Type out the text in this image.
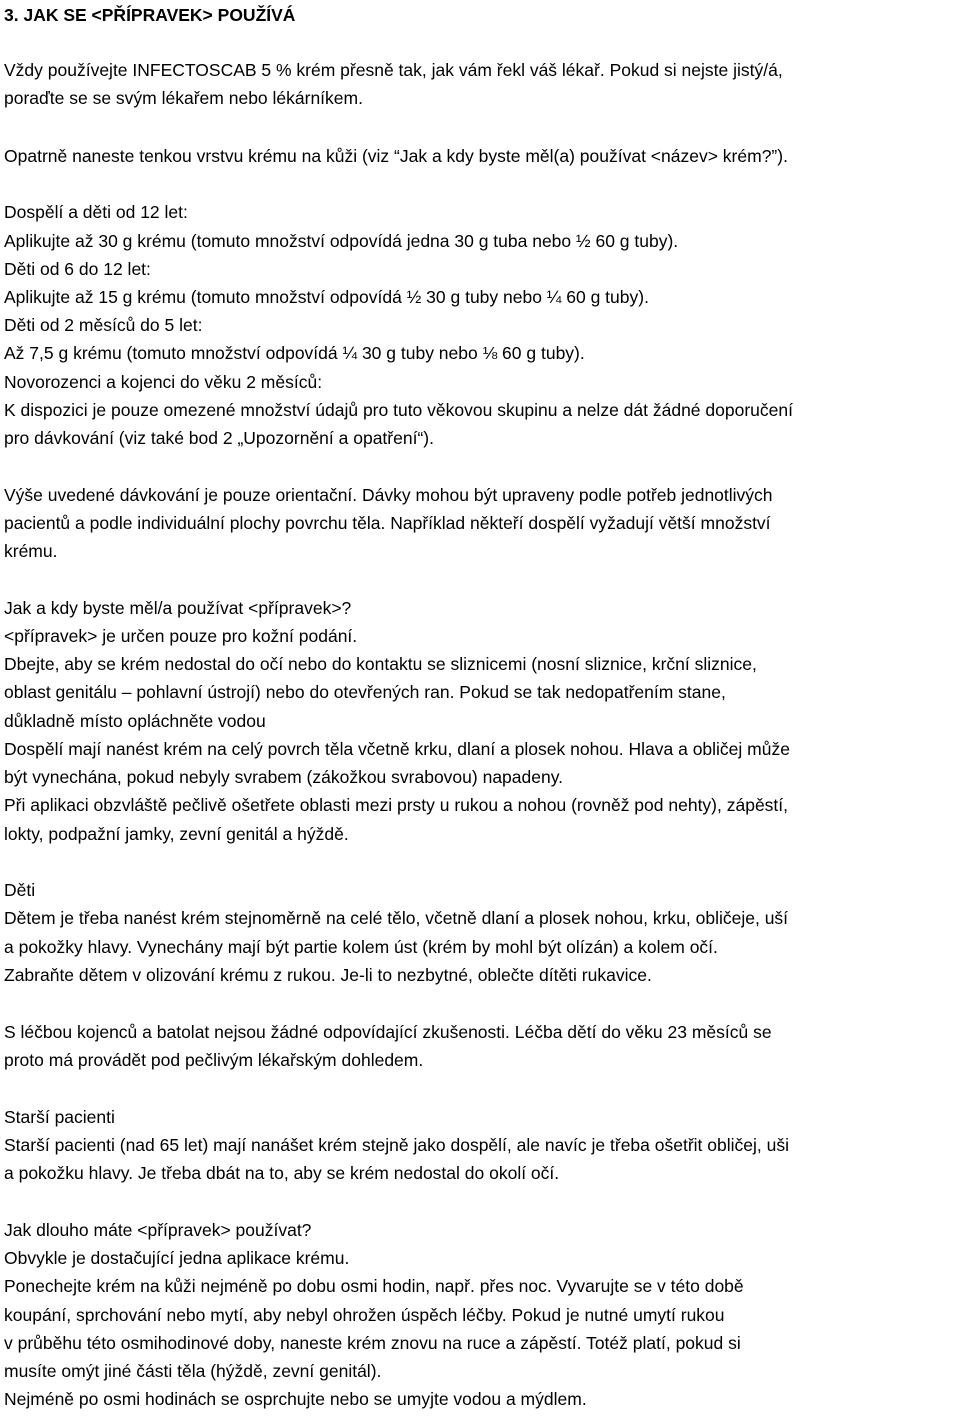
3. JAK SE <PŘÍPRAVEK> POUŽÍVÁ

Vždy používejte INFECTOSCAB 5 % krém přesně tak, jak vám řekl váš lékař. Pokud si nejste jistý/á,

poraďte se se svým lékařem nebo lékárníkem.

Opatrně naneste tenkou vrstvu krému na kůži (viz “Jak a kdy byste měl(a) používat <název> krém?”).

Dospělí a děti od 12 let:

Aplikujte až 30 g krému (tomuto množství odpovídá jedna 30 g tuba nebo ½ 60 g tuby).

Děti od 6 do 12 let:

Aplikujte až 15 g krému (tomuto množství odpovídá ½ 30 g tuby nebo ¼ 60 g tuby).

Děti od 2 měsíců do 5 let:

Až 7,5 g krému (tomuto množství odpovídá ¼ 30 g tuby nebo ⅛ 60 g tuby).

Novorozenci a kojenci do věku 2 měsíců:

K dispozici je pouze omezené množství údajů pro tuto věkovou skupinu a nelze dát žádné doporučení

pro dávkování (viz také bod 2 „Upozornění a opatření“).

Výše uvedené dávkování je pouze orientační. Dávky mohou být upraveny podle potřeb jednotlivých

pacientů a podle individuální plochy povrchu těla. Například někteří dospělí vyžadují větší množství

krému.

Jak a kdy byste měl/a používat <přípravek>?

<přípravek> je určen pouze pro kožní podání.

Dbejte, aby se krém nedostal do očí nebo do kontaktu se sliznicemi (nosní sliznice, krční sliznice,

oblast genitálu – pohlavní ústrojí) nebo do otevřených ran. Pokud se tak nedopatřením stane,

důkladně místo opláchněte vodou

Dospělí mají nanést krém na celý povrch těla včetně krku, dlaní a plosek nohou. Hlava a obličej může

být vynechána, pokud nebyly svrabem (zákožkou svrabovou) napadeny.

Při aplikaci obzvláště pečlivě ošetřete oblasti mezi prsty u rukou a nohou (rovněž pod nehty), zápěstí,

lokty, podpažní jamky, zevní genitál a hýždě.

Děti

Dětem je třeba nanést krém stejnoměrně na celé tělo, včetně dlaní a plosek nohou, krku, obličeje, uší

a pokožky hlavy. Vynechány mají být partie kolem úst (krém by mohl být olízán) a kolem očí.

Zabraňte dětem v olizování krému z rukou. Je-li to nezbytné, oblečte dítěti rukavice.

S léčbou kojenců a batolat nejsou žádné odpovídající zkušenosti. Léčba dětí do věku 23 měsíců se

proto má provádět pod pečlivým lékařským dohledem.

Starší pacienti

Starší pacienti (nad 65 let) mají nanášet krém stejně jako dospělí, ale navíc je třeba ošetřit obličej, uši

a pokožku hlavy. Je třeba dbát na to, aby se krém nedostal do okolí očí.

Jak dlouho máte <přípravek> používat?

Obvykle je dostačující jedna aplikace krému.

Ponechejte krém na kůži nejméně po dobu osmi hodin, např. přes noc. Vyvarujte se v této době

koupání, sprchování nebo mytí, aby nebyl ohrožen úspěch léčby. Pokud je nutné umytí rukou

v průběhu této osmihodinové doby, naneste krém znovu na ruce a zápěstí. Totéž platí, pokud si

musíte omýt jiné části těla (hýždě, zevní genitál).

Nejméně po osmi hodinách se osprchujte nebo se umyjte vodou a mýdlem.
